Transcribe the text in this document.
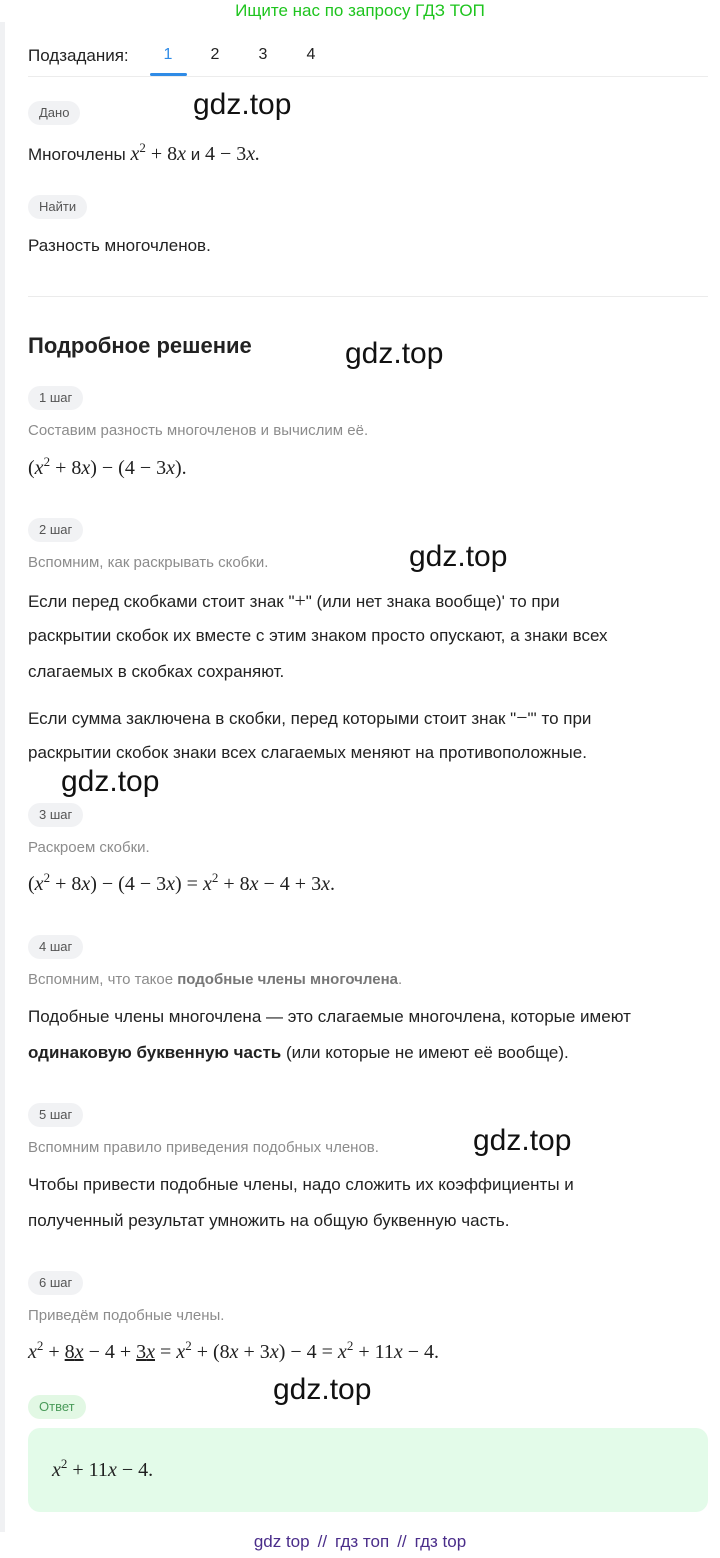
Ищите нас по запросу ГДЗ ТОП
Подзадания:	1	2	3	4
Дано
Многочлены $x^2 + 8x$ и 4 − 3x.
Найти
Разность многочленов.
Подробное решение
1 шаг
Составим разность многочленов и вычислим её.
$(x^2 + 8x) - (4 - 3x)$.
2 шаг
Вспомним, как раскрывать скобки.
Если перед скобками стоит знак "+" (или нет знака вообще)' то при
раскрытии скобок их вместе с этим знаком просто опускают, а знаки всех
слагаемых в скобках сохраняют.
Если сумма заключена в скобки, перед которыми стоит знак "−"' то при
раскрытии скобок знаки всех слагаемых меняют на противоположные.
3 шаг
Раскроем скобки.
$(x^2 + 8x) - (4 - 3x) = x^2 + 8x - 4 + 3x$.
4 шаг
Вспомним, что такое подобные члены многочлена.
Подобные члены многочлена — это слагаемые многочлена, которые имеют
одинаковую буквенную часть (или которые не имеют её вообще).
5 шаг
Вспомним правило приведения подобных членов.
Чтобы привести подобные члены, надо сложить их коэффициенты и
полученный результат умножить на общую буквенную часть.
6 шаг
Приведём подобные члены.
$x^2 + 8x - 4 + 3x = x^2 + (8x + 3x) - 4 = x^2 + 11x - 4$.
Ответ
$x^2 + 11x - 4$.
gdz.top
gdz.top
gdz.top
gdz.top
gdz.top
gdz.top
gdz top // гдз топ // гдз top
